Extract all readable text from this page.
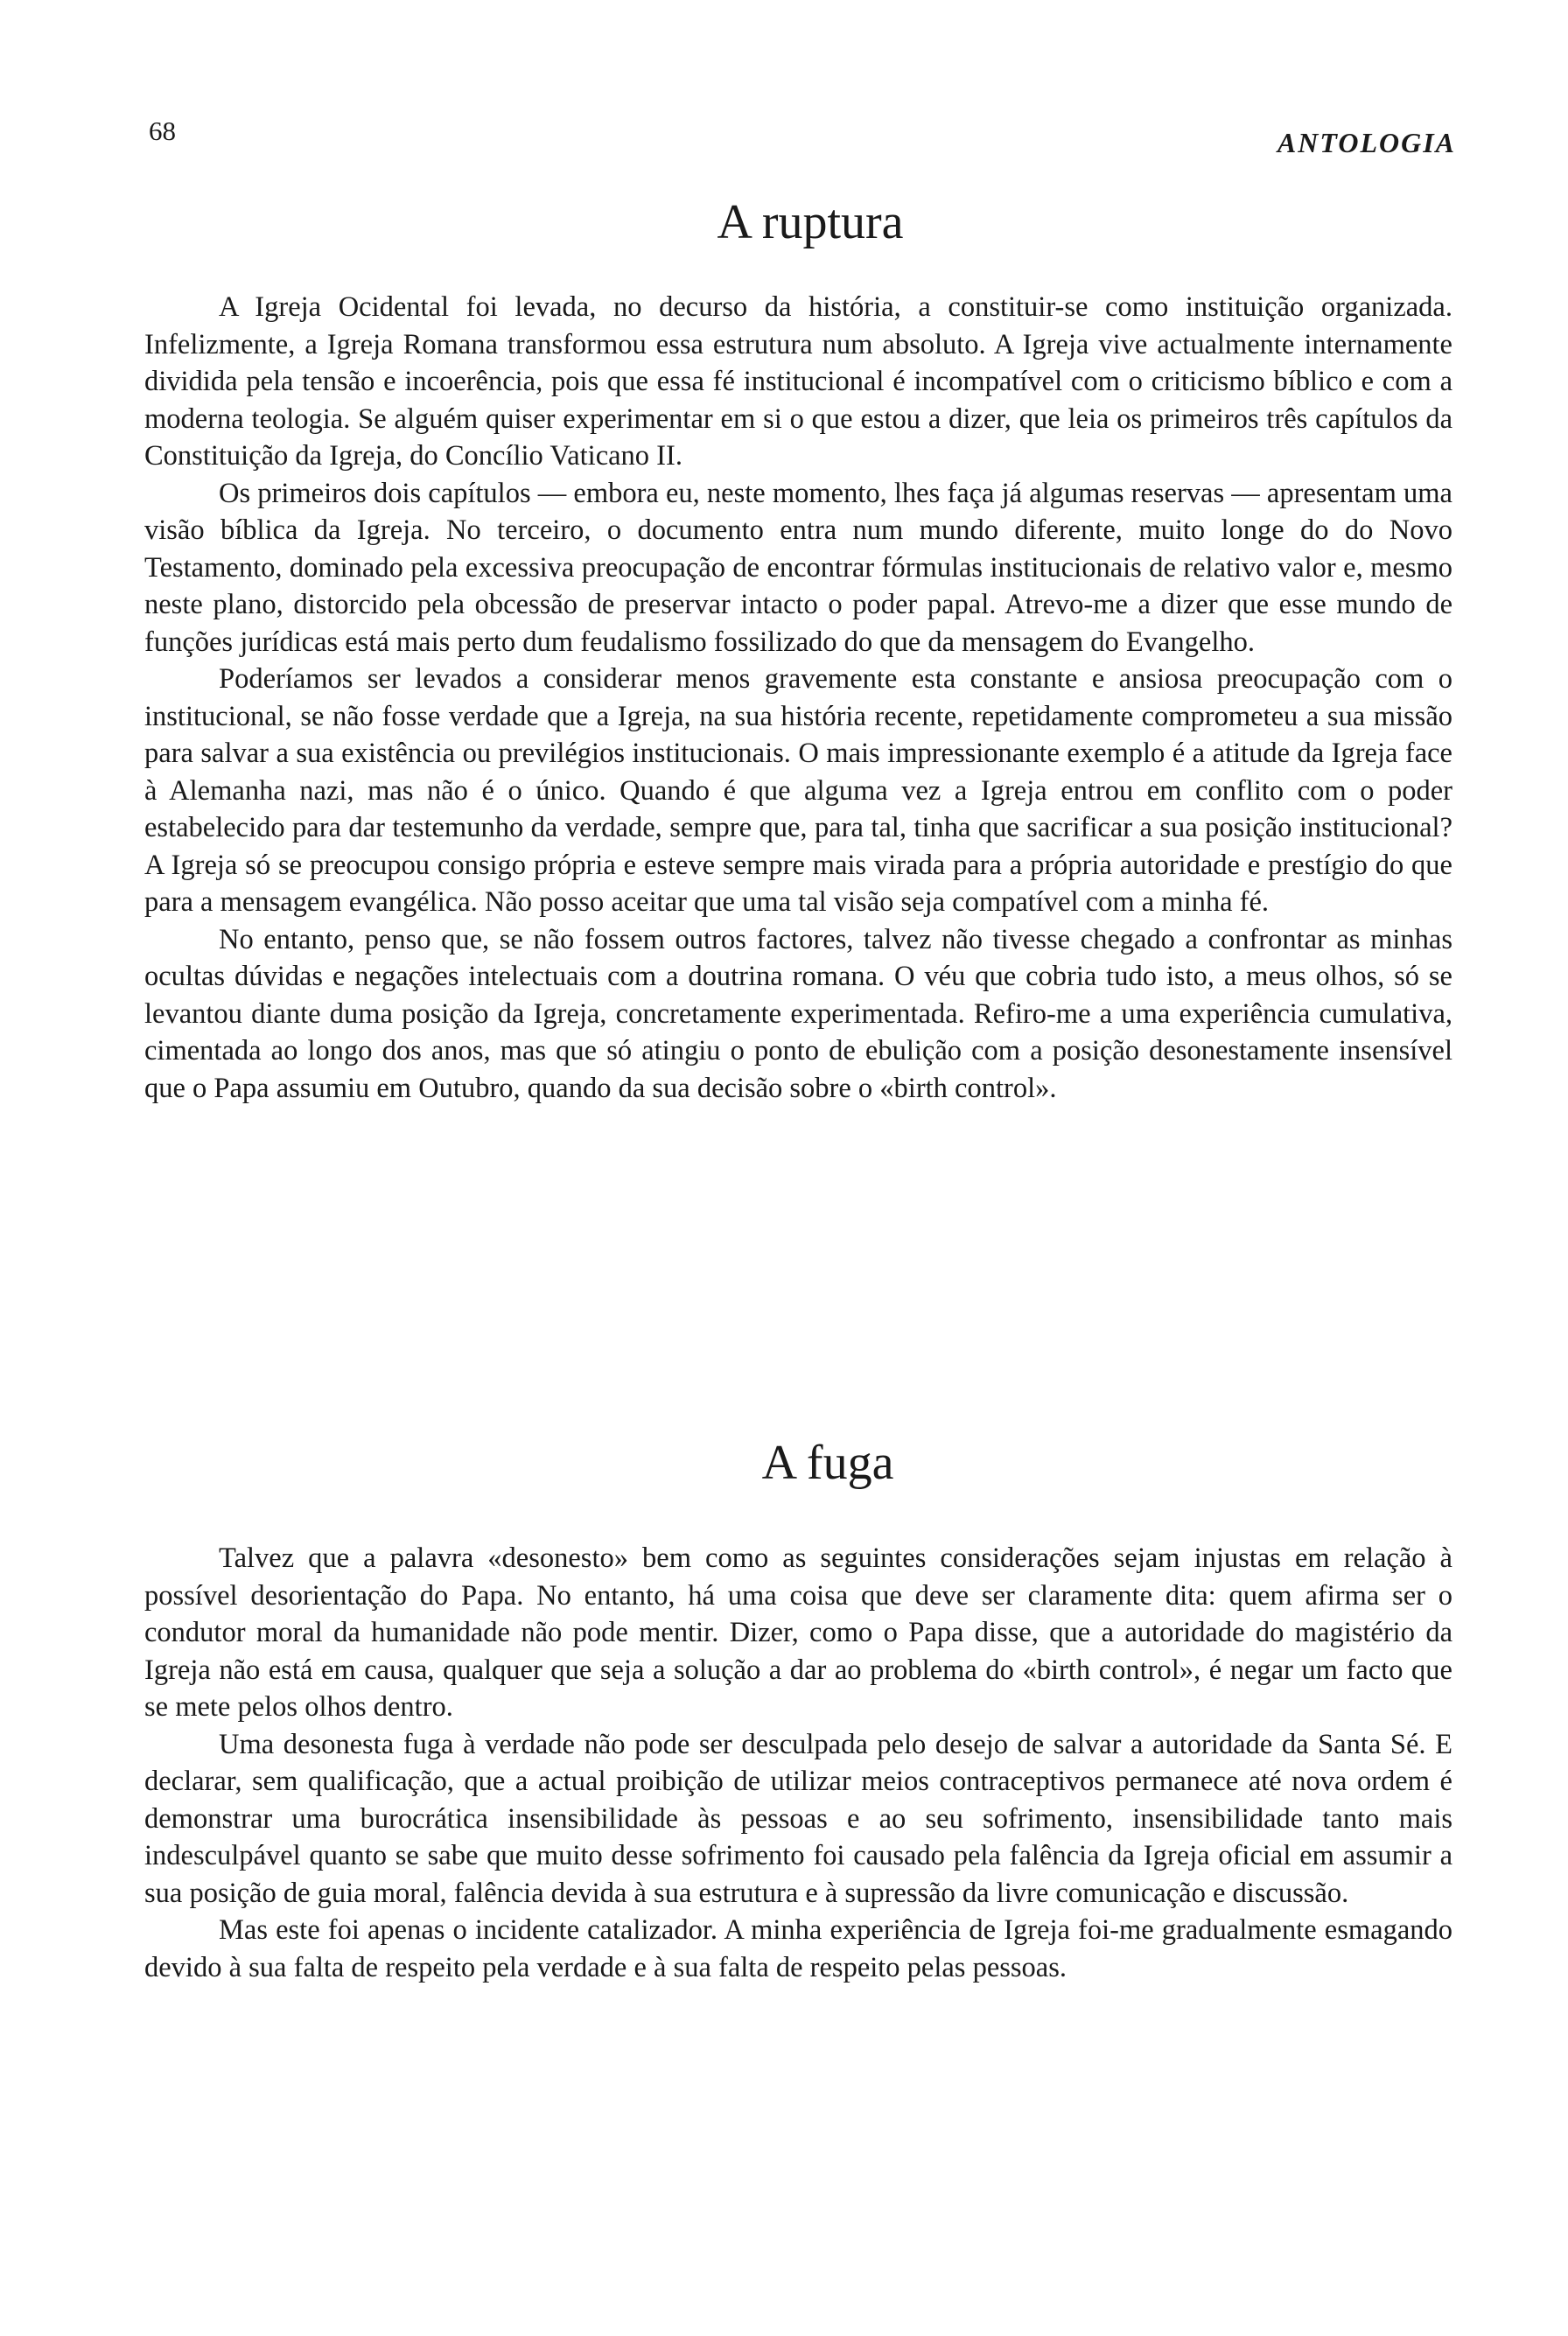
68	ANTOLOGIA
A ruptura

A Igreja Ocidental foi levada, no decurso da história, a constituir-se como instituição organizada. Infelizmente, a Igreja Romana transformou essa estrutura num absoluto. A Igreja vive actualmente internamente dividida pela tensão e incoerência, pois que essa fé institucional é incompatível com o criticismo bíblico e com a moderna teologia. Se alguém quiser experimentar em si o que estou a dizer, que leia os primeiros três capítulos da Constituição da Igreja, do Concílio Vaticano II.

Os primeiros dois capítulos — embora eu, neste momento, lhes faça já algumas reservas — apresentam uma visão bíblica da Igreja. No terceiro, o documento entra num mundo diferente, muito longe do do Novo Testamento, dominado pela excessiva preocupação de encontrar fórmulas institucionais de relativo valor e, mesmo neste plano, distorcido pela obcessão de preservar intacto o poder papal. Atrevo-me a dizer que esse mundo de funções jurídicas está mais perto dum feudalismo fossilizado do que da mensagem do Evangelho.

Poderíamos ser levados a considerar menos gravemente esta constante e ansiosa preocupação com o institucional, se não fosse verdade que a Igreja, na sua história recente, repetidamente comprometeu a sua missão para salvar a sua existência ou previlégios institucionais. O mais impressionante exemplo é a atitude da Igreja face à Alemanha nazi, mas não é o único. Quando é que alguma vez a Igreja entrou em conflito com o poder estabelecido para dar testemunho da verdade, sempre que, para tal, tinha que sacrificar a sua posição institucional? A Igreja só se preocupou consigo própria e esteve sempre mais virada para a própria autoridade e prestígio do que para a mensagem evangélica. Não posso aceitar que uma tal visão seja compatível com a minha fé.

No entanto, penso que, se não fossem outros factores, talvez não tivesse chegado a confrontar as minhas ocultas dúvidas e negações intelectuais com a doutrina romana. O véu que cobria tudo isto, a meus olhos, só se levantou diante duma posição da Igreja, concretamente experimentada. Refiro-me a uma experiência cumulativa, cimentada ao longo dos anos, mas que só atingiu o ponto de ebulição com a posição desonestamente insensível que o Papa assumiu em Outubro, quando da sua decisão sobre o «birth control».

A fuga

Talvez que a palavra «desonesto» bem como as seguintes considerações sejam injustas em relação à possível desorientação do Papa. No entanto, há uma coisa que deve ser claramente dita: quem afirma ser o condutor moral da humanidade não pode mentir. Dizer, como o Papa disse, que a autoridade do magistério da Igreja não está em causa, qualquer que seja a solução a dar ao problema do «birth control», é negar um facto que se mete pelos olhos dentro.

Uma desonesta fuga à verdade não pode ser desculpada pelo desejo de salvar a autoridade da Santa Sé. E declarar, sem qualificação, que a actual proibição de utilizar meios contraceptivos permanece até nova ordem é demonstrar uma burocrática insensibilidade às pessoas e ao seu sofrimento, insensibilidade tanto mais indesculpável quanto se sabe que muito desse sofrimento foi causado pela falência da Igreja oficial em assumir a sua posição de guia moral, falência devida à sua estrutura e à supressão da livre comunicação e discussão.

Mas este foi apenas o incidente catalizador. A minha experiência de Igreja foi-me gradualmente esmagando devido à sua falta de respeito pela verdade e à sua falta de respeito pelas pessoas.
